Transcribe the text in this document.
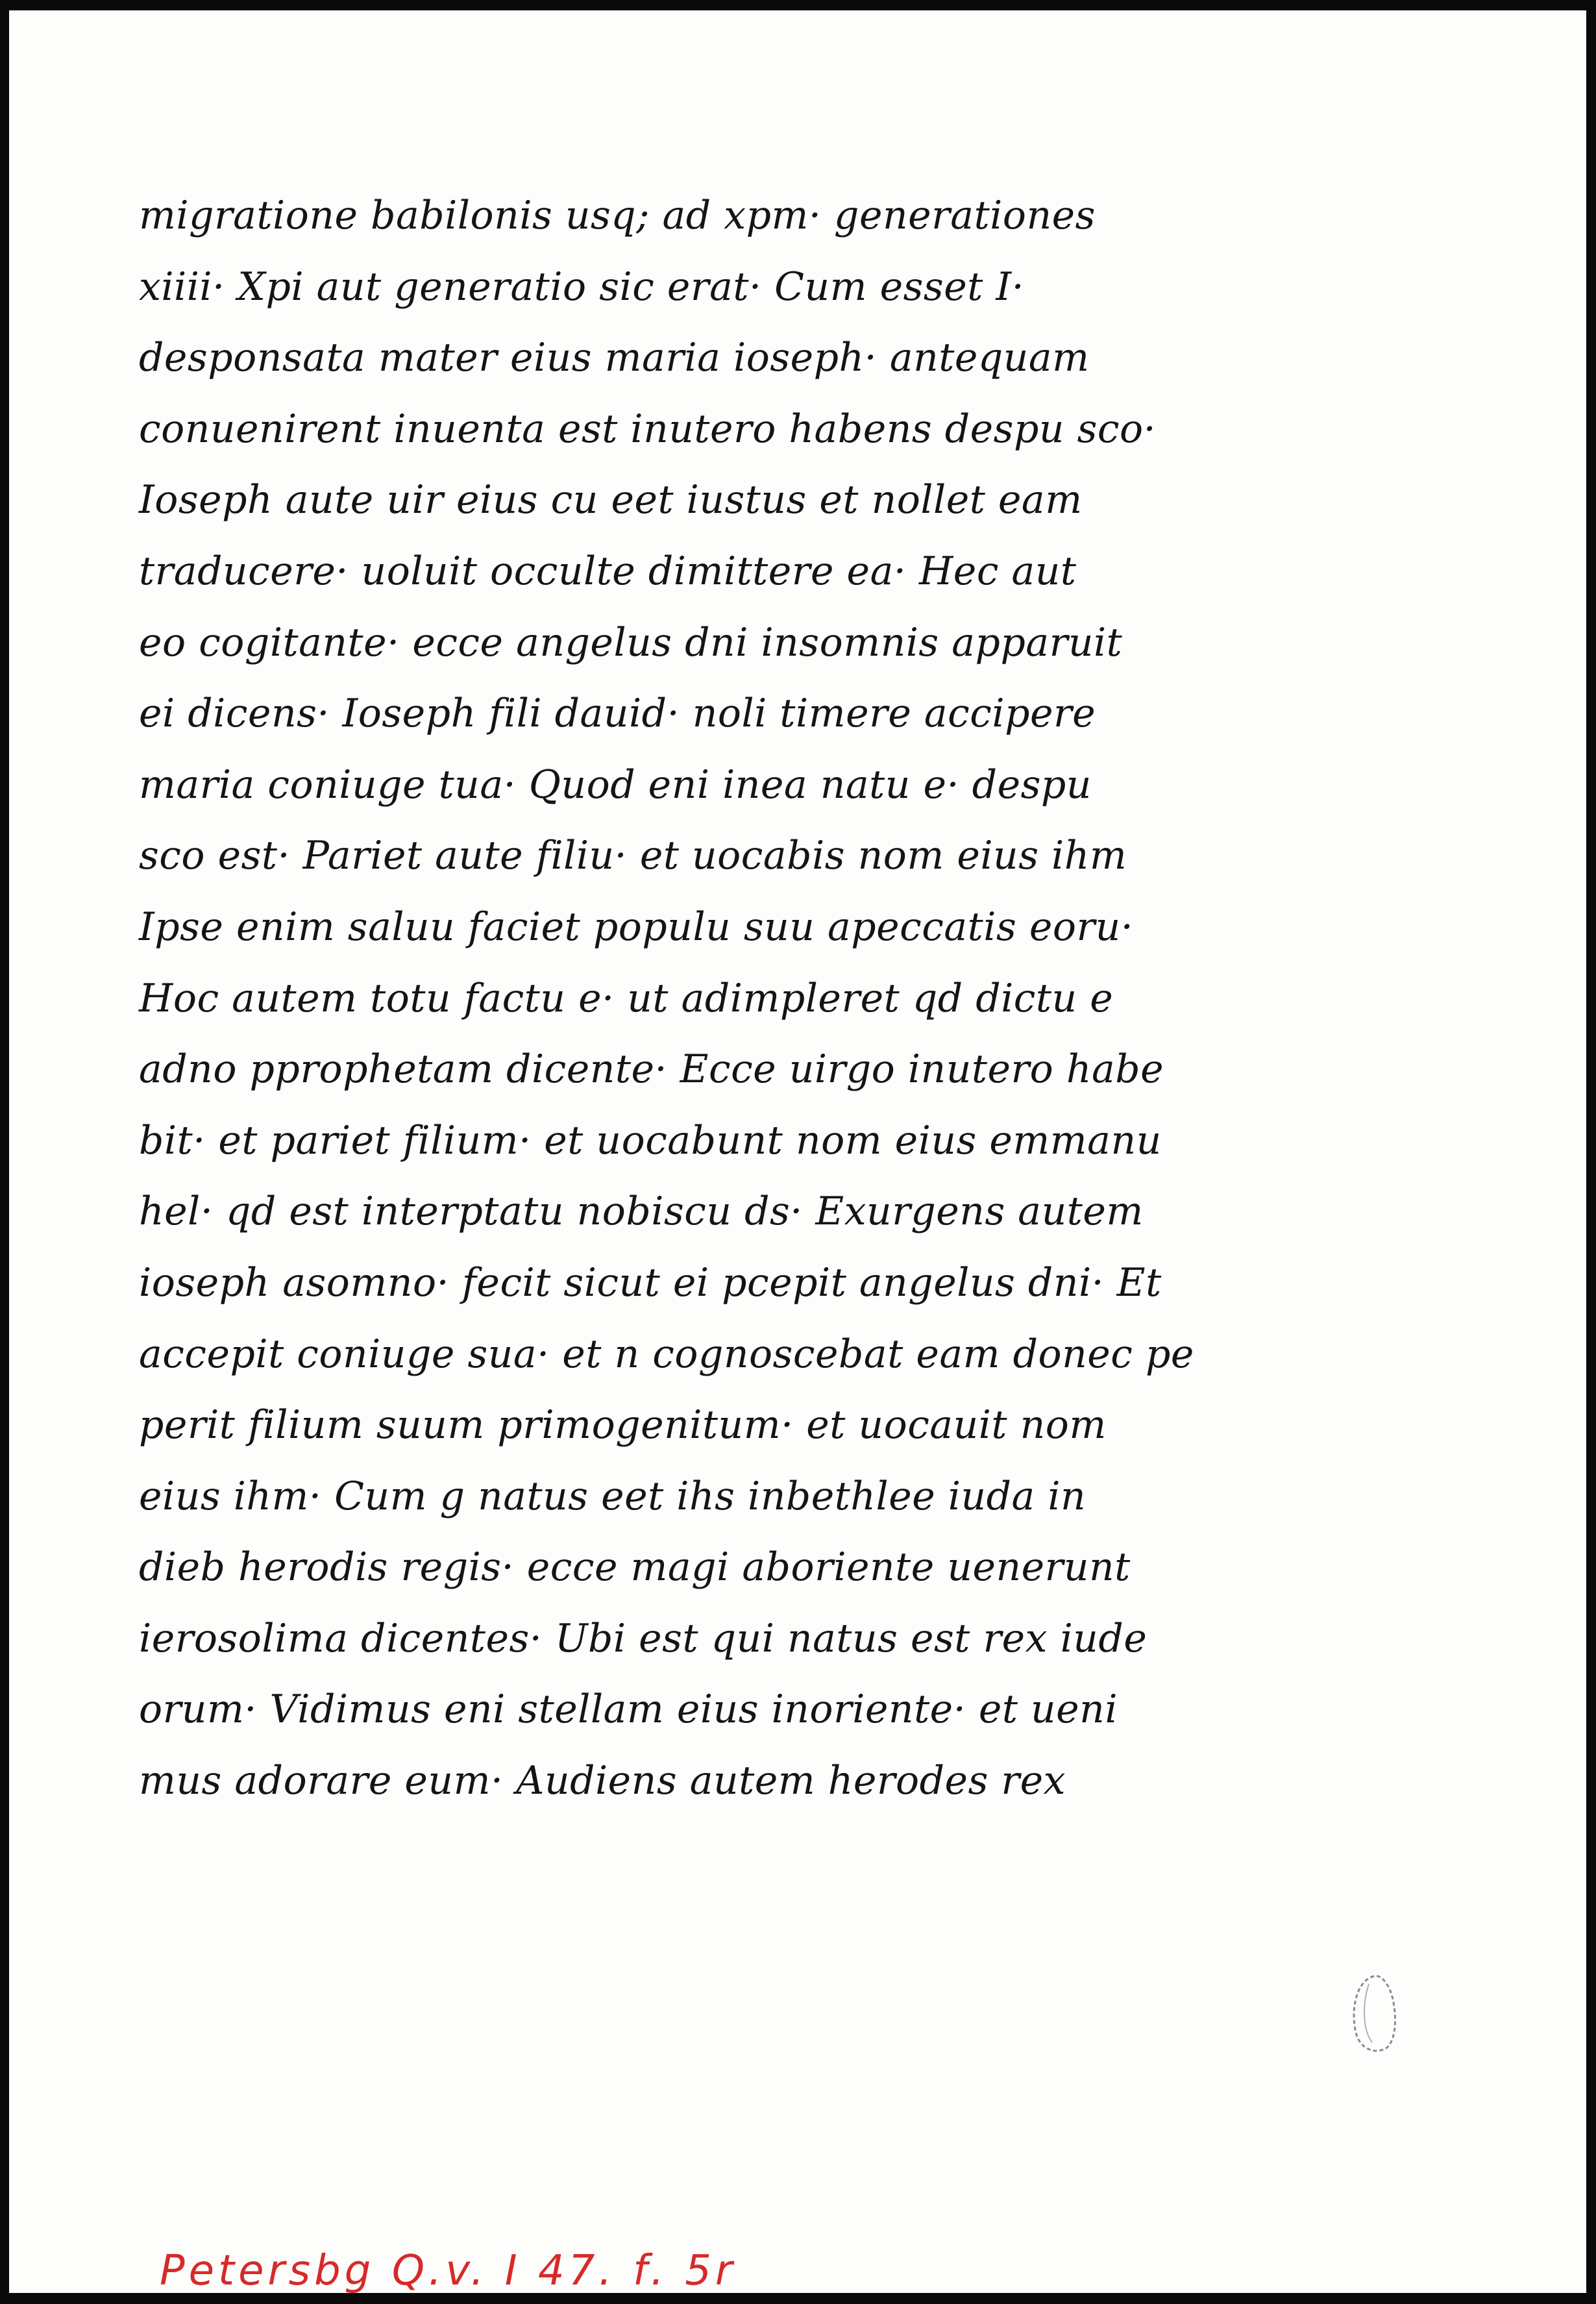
migratione babilonis usq; ad xpm· generationes
xiiii· Xpi aut generatio sic erat· Cum esset I·
desponsata mater eius maria ioseph· antequam
conuenirent inuenta est inutero habens despu sco·
Ioseph aute uir eius cu eet iustus et nollet eam
traducere· uoluit occulte dimittere ea· Hec aut
eo cogitante· ecce angelus dni insomnis apparuit
ei dicens· Ioseph fili dauid· noli timere accipere
maria coniuge tua· Quod eni inea natu e· despu
sco est· Pariet aute filiu· et uocabis nom eius ihm
Ipse enim saluu faciet populu suu apeccatis eoru·
Hoc autem totu factu e· ut adimpleret qd dictu e
adno pprophetam dicente· Ecce uirgo inutero habe
bit· et pariet filium· et uocabunt nom eius emmanu
hel· qd est interptatu nobiscu ds· Exurgens autem
ioseph asomno· fecit sicut ei pcepit angelus dni· Et
accepit coniuge sua· et n cognoscebat eam donec pe
perit filium suum primogenitum· et uocauit nom
eius ihm· Cum g natus eet ihs inbethlee iuda in
dieb herodis regis· ecce magi aboriente uenerunt
ierosolima dicentes· Ubi est qui natus est rex iude
orum· Vidimus eni stellam eius inoriente· et ueni
mus adorare eum· Audiens autem herodes rex
Petersbg Q.v. I 47. f. 5r
